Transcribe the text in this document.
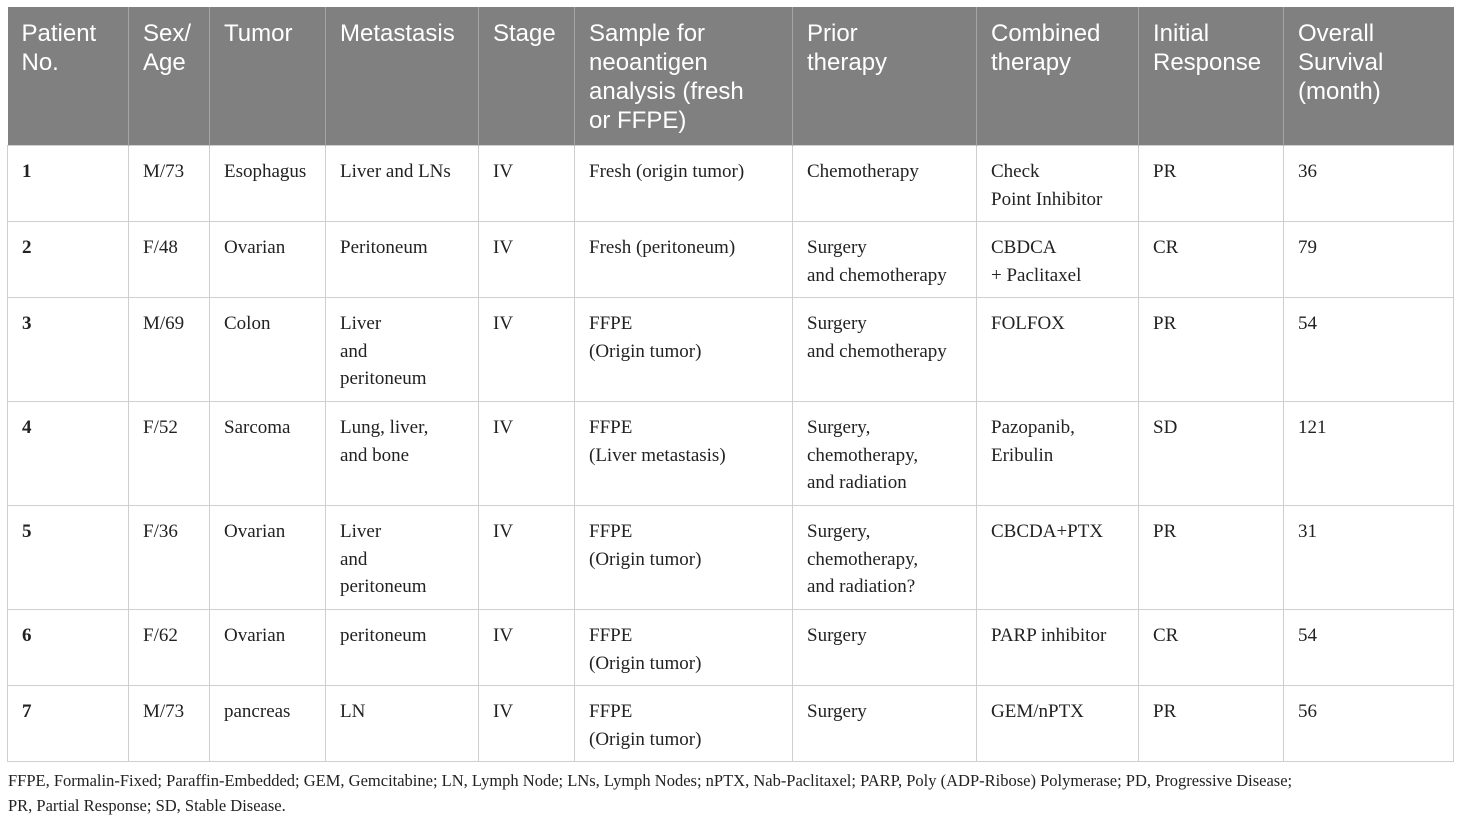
Patient
No.	Sex/
Age	Tumor	Metastasis	Stage	Sample for
neoantigen
analysis (fresh
or FFPE)	Prior
therapy	Combined
therapy	Initial
Response	Overall
Survival
(month)

1	M/73	Esophagus	Liver and LNs	IV	Fresh (origin tumor)	Chemotherapy	Check
Point Inhibitor	PR	36

2	F/48	Ovarian	Peritoneum	IV	Fresh (peritoneum)	Surgery
and chemotherapy	CBDCA
+ Paclitaxel	CR	79

3	M/69	Colon	Liver
and
peritoneum	IV	FFPE
(Origin tumor)	Surgery
and chemotherapy	FOLFOX	PR	54

4	F/52	Sarcoma	Lung, liver,
and bone	IV	FFPE
(Liver metastasis)	Surgery,
chemotherapy,
and radiation	Pazopanib,
Eribulin	SD	121

5	F/36	Ovarian	Liver
and
peritoneum	IV	FFPE
(Origin tumor)	Surgery,
chemotherapy,
and radiation?	CBCDA+PTX	PR	31

6	F/62	Ovarian	peritoneum	IV	FFPE
(Origin tumor)	Surgery	PARP inhibitor	CR	54

7	M/73	pancreas	LN	IV	FFPE
(Origin tumor)	Surgery	GEM/nPTX	PR	56
FFPE, Formalin-Fixed; Paraffin-Embedded; GEM, Gemcitabine; LN, Lymph Node; LNs, Lymph Nodes; nPTX, Nab-Paclitaxel; PARP, Poly (ADP-Ribose) Polymerase; PD, Progressive Disease;
PR, Partial Response; SD, Stable Disease.
